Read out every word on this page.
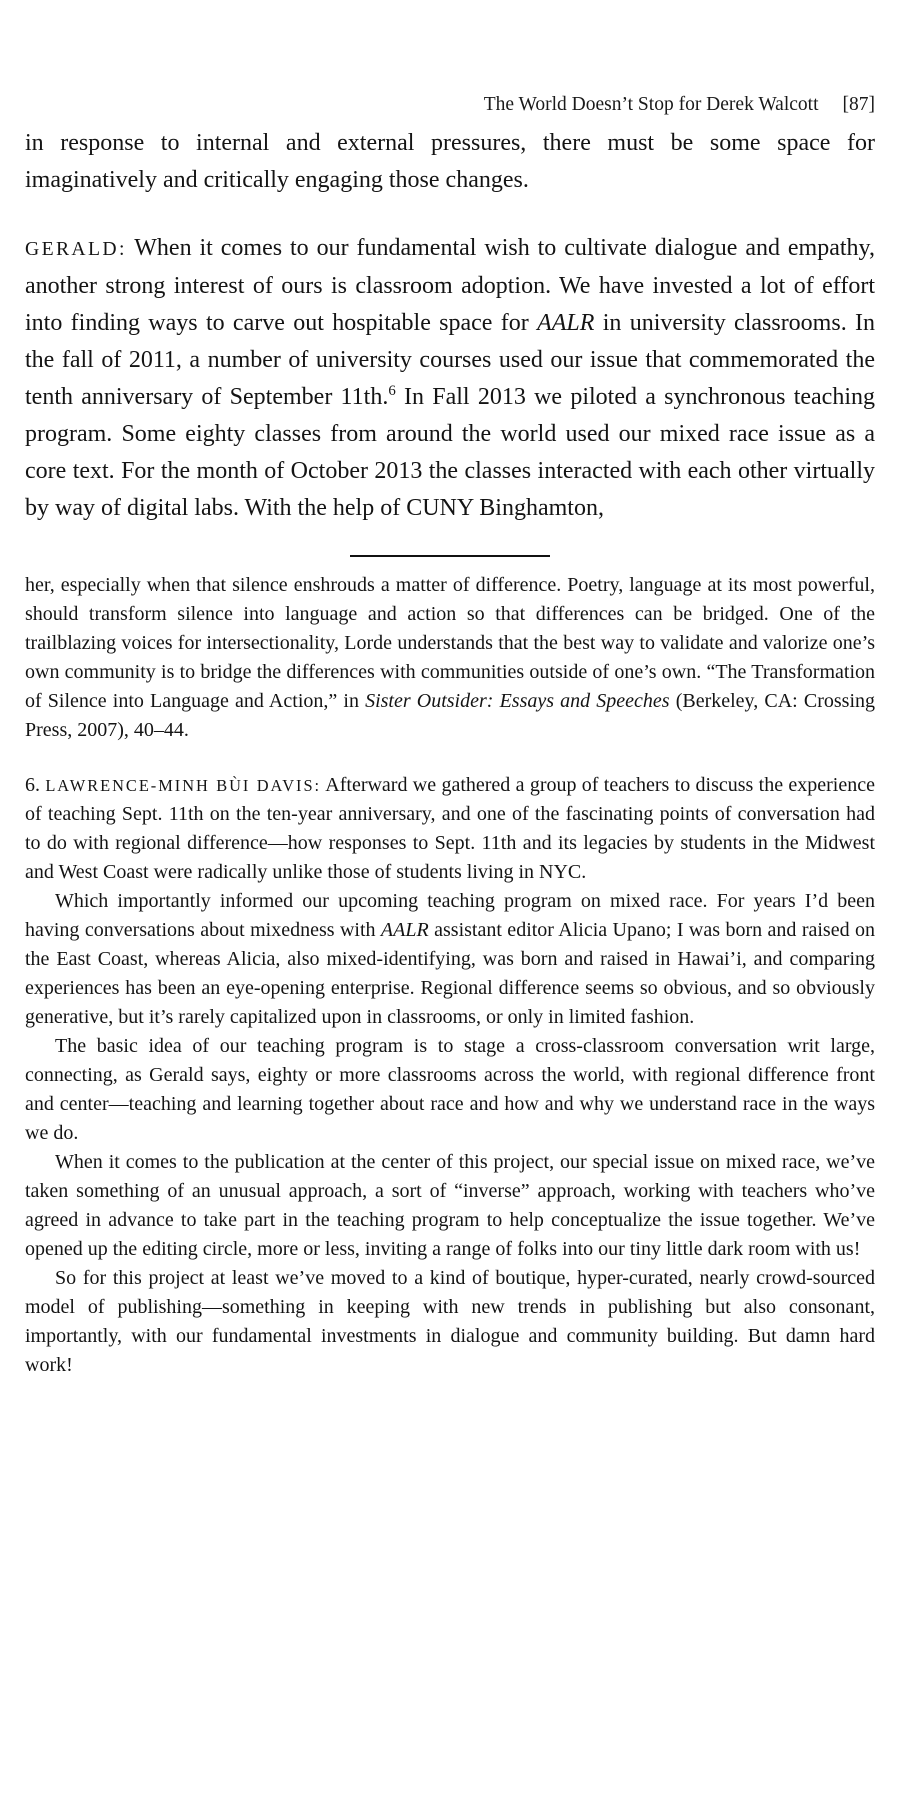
The World Doesn’t Stop for Derek Walcott [87]

in response to internal and external pressures, there must be some space for imaginatively and critically engaging those changes.

GERALD: When it comes to our fundamental wish to cultivate dialogue and empathy, another strong interest of ours is classroom adoption. We have invested a lot of effort into finding ways to carve out hospitable space for AALR in university classrooms. In the fall of 2011, a number of university courses used our issue that commemorated the tenth anniversary of September 11th.$^6$ In Fall 2013 we piloted a synchronous teaching program. Some eighty classes from around the world used our mixed race issue as a core text. For the month of October 2013 the classes interacted with each other virtually by way of digital labs. With the help of CUNY Binghamton,

her, especially when that silence enshrouds a matter of difference. Poetry, language at its most powerful, should transform silence into language and action so that differences can be bridged. One of the trailblazing voices for intersectionality, Lorde understands that the best way to validate and valorize one’s own community is to bridge the differences with communities outside of one’s own. “The Transformation of Silence into Language and Action,” in Sister Outsider: Essays and Speeches (Berkeley, CA: Crossing Press, 2007), 40–44.

6. LAWRENCE-MINH BÙI DAVIS: Afterward we gathered a group of teachers to discuss the experience of teaching Sept. 11th on the ten-year anniversary, and one of the fascinating points of conversation had to do with regional difference—how responses to Sept. 11th and its legacies by students in the Midwest and West Coast were radically unlike those of students living in NYC.

Which importantly informed our upcoming teaching program on mixed race. For years I’d been having conversations about mixedness with AALR assistant editor Alicia Upano; I was born and raised on the East Coast, whereas Alicia, also mixed-identifying, was born and raised in Hawai’i, and comparing experiences has been an eye-opening enterprise. Regional difference seems so obvious, and so obviously generative, but it’s rarely capitalized upon in classrooms, or only in limited fashion.

The basic idea of our teaching program is to stage a cross-classroom conversation writ large, connecting, as Gerald says, eighty or more classrooms across the world, with regional difference front and center—teaching and learning together about race and how and why we understand race in the ways we do.

When it comes to the publication at the center of this project, our special issue on mixed race, we’ve taken something of an unusual approach, a sort of “inverse” approach, working with teachers who’ve agreed in advance to take part in the teaching program to help conceptualize the issue together. We’ve opened up the editing circle, more or less, inviting a range of folks into our tiny little dark room with us!

So for this project at least we’ve moved to a kind of boutique, hyper-curated, nearly crowd-sourced model of publishing—something in keeping with new trends in publishing but also consonant, importantly, with our fundamental investments in dialogue and community building. But damn hard work!
